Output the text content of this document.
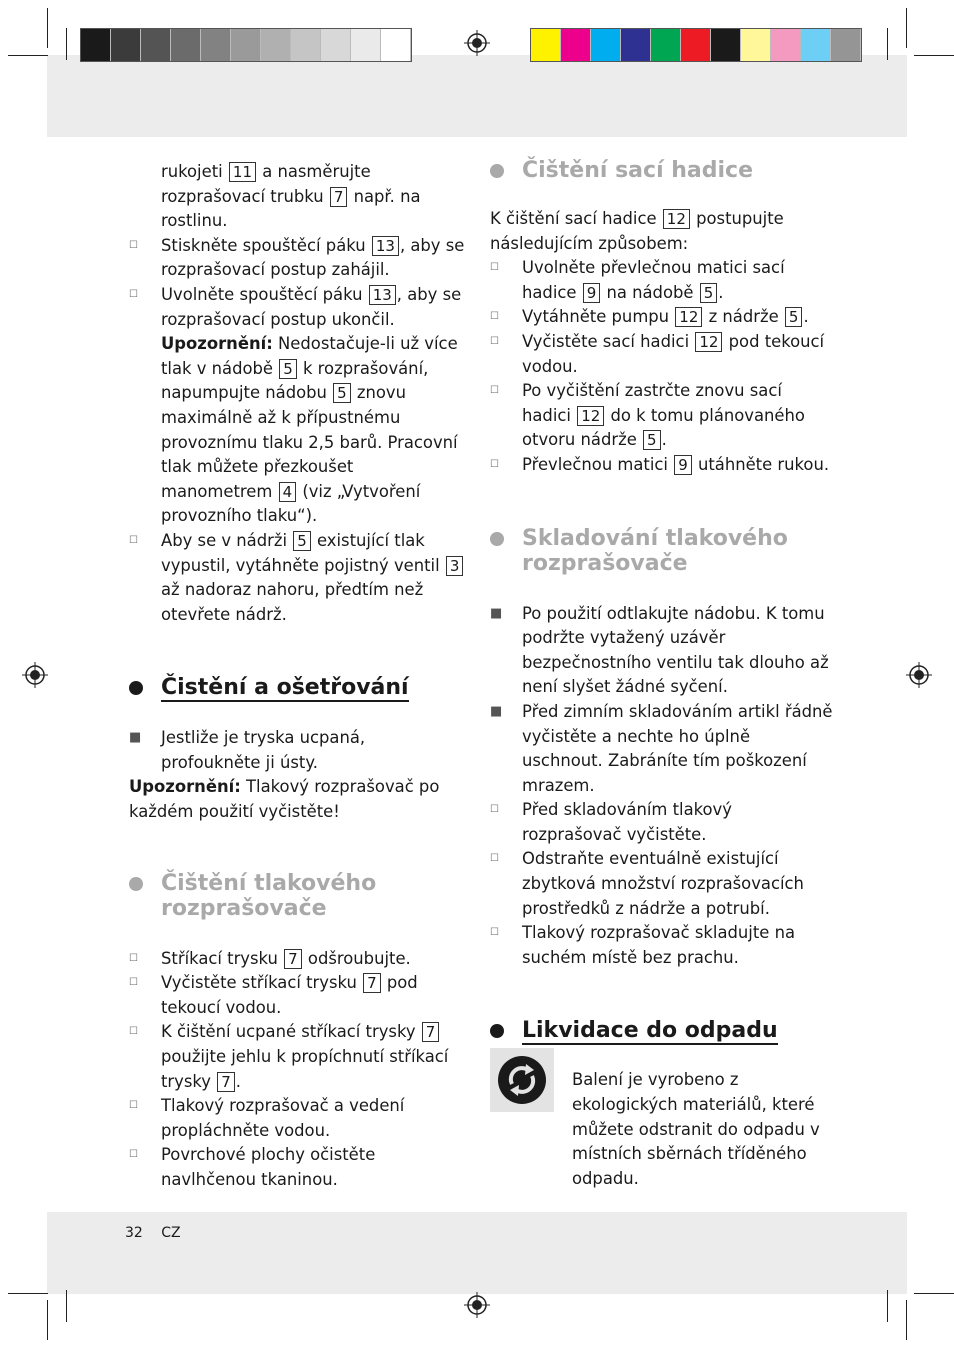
rukojeti 11 a nasměrujte rozprašovací trubku 7 např. na rostlinu.

☐ Stiskněte spouštěcí páku 13 , aby se rozprašovací postup zahájil.

☐ Uvolněte spouštěcí páku 13 , aby se rozprašovací postup ukončil.

Upozornění: Nedostačuje-li už více tlak v nádobě 5 k rozprašování, napumpujte nádobu 5 znovu maximálně až k přípustnému provoznímu tlaku 2,5 barů. Pracovní tlak můžete přezkoušet manometrem 4 (viz „Vytvoření provozního tlaku“).

☐ Aby se v nádrži 5 existující tlak vypustil, vytáhněte pojistný ventil 3 až nadoraz nahoru, předtím než otevřete nádrž.

Čistění a ošetřování

■ Jestliže je tryska ucpaná, profoukněte ji ústy.

Upozornění: Tlakový rozprašovač po každém použití vyčistěte!

Čištění tlakového rozprašovače

☐ Stříkací trysku 7 odšroubujte.

☐ Vyčistěte stříkací trysku 7 pod tekoucí vodou.

☐ K čištění ucpané stříkací trysky 7 použijte jehlu k propíchnutí stříkací trysky 7 .

☐ Tlakový rozprašovač a vedení propláchněte vodou.

☐ Povrchové plochy očistěte navlhčenou tkaninou.

Čištění sací hadice

K čištění sací hadice 12 postupujte následujícím způsobem:

☐ Uvolněte převlečnou matici sací hadice 9 na nádobě 5 .

☐ Vytáhněte pumpu 12 z nádrže 5 .

☐ Vyčistěte sací hadici 12 pod tekoucí vodou.

☐ Po vyčištění zastrčte znovu sací hadici 12 do k tomu plánovaného otvoru nádrže 5 .

☐ Převlečnou matici 9 utáhněte rukou.

Skladování tlakového rozprašovače

■ Po použití odtlakujte nádobu. K tomu podržte vytažený uzávěr bezpečnostního ventilu tak dlouho až není slyšet žádné syčení.

■ Před zimním skladováním artikl řádně vyčistěte a nechte ho úplně uschnout. Zabráníte tím poškození mrazem.

☐ Před skladováním tlakový rozprašovač vyčistěte.

☐ Odstraňte eventuálně existující zbytková množství rozprašovacích prostředků z nádrže a potrubí.

☐ Tlakový rozprašovač skladujte na suchém místě bez prachu.

Likvidace do odpadu

Balení je vyrobeno z ekologických materiálů, které můžete odstranit do odpadu v místních sběrnách tříděného odpadu.

32 CZ
